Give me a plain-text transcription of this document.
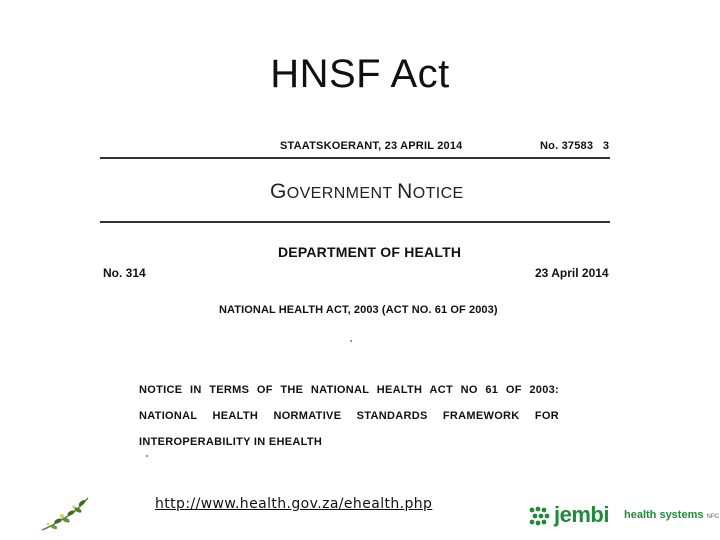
HNSF Act
STAATSKOERANT, 23 APRIL 2014	No. 37583   3
GOVERNMENT NOTICE
DEPARTMENT OF HEALTH
No. 314	23 April 2014
NATIONAL HEALTH ACT, 2003 (ACT NO. 61 OF 2003)
NOTICE IN TERMS OF THE NATIONAL HEALTH ACT NO 61 OF 2003: NATIONAL HEALTH NORMATIVE STANDARDS FRAMEWORK FOR INTEROPERABILITY IN EHEALTH
http://www.health.gov.za/ehealth.php	jembi health systems NPC
